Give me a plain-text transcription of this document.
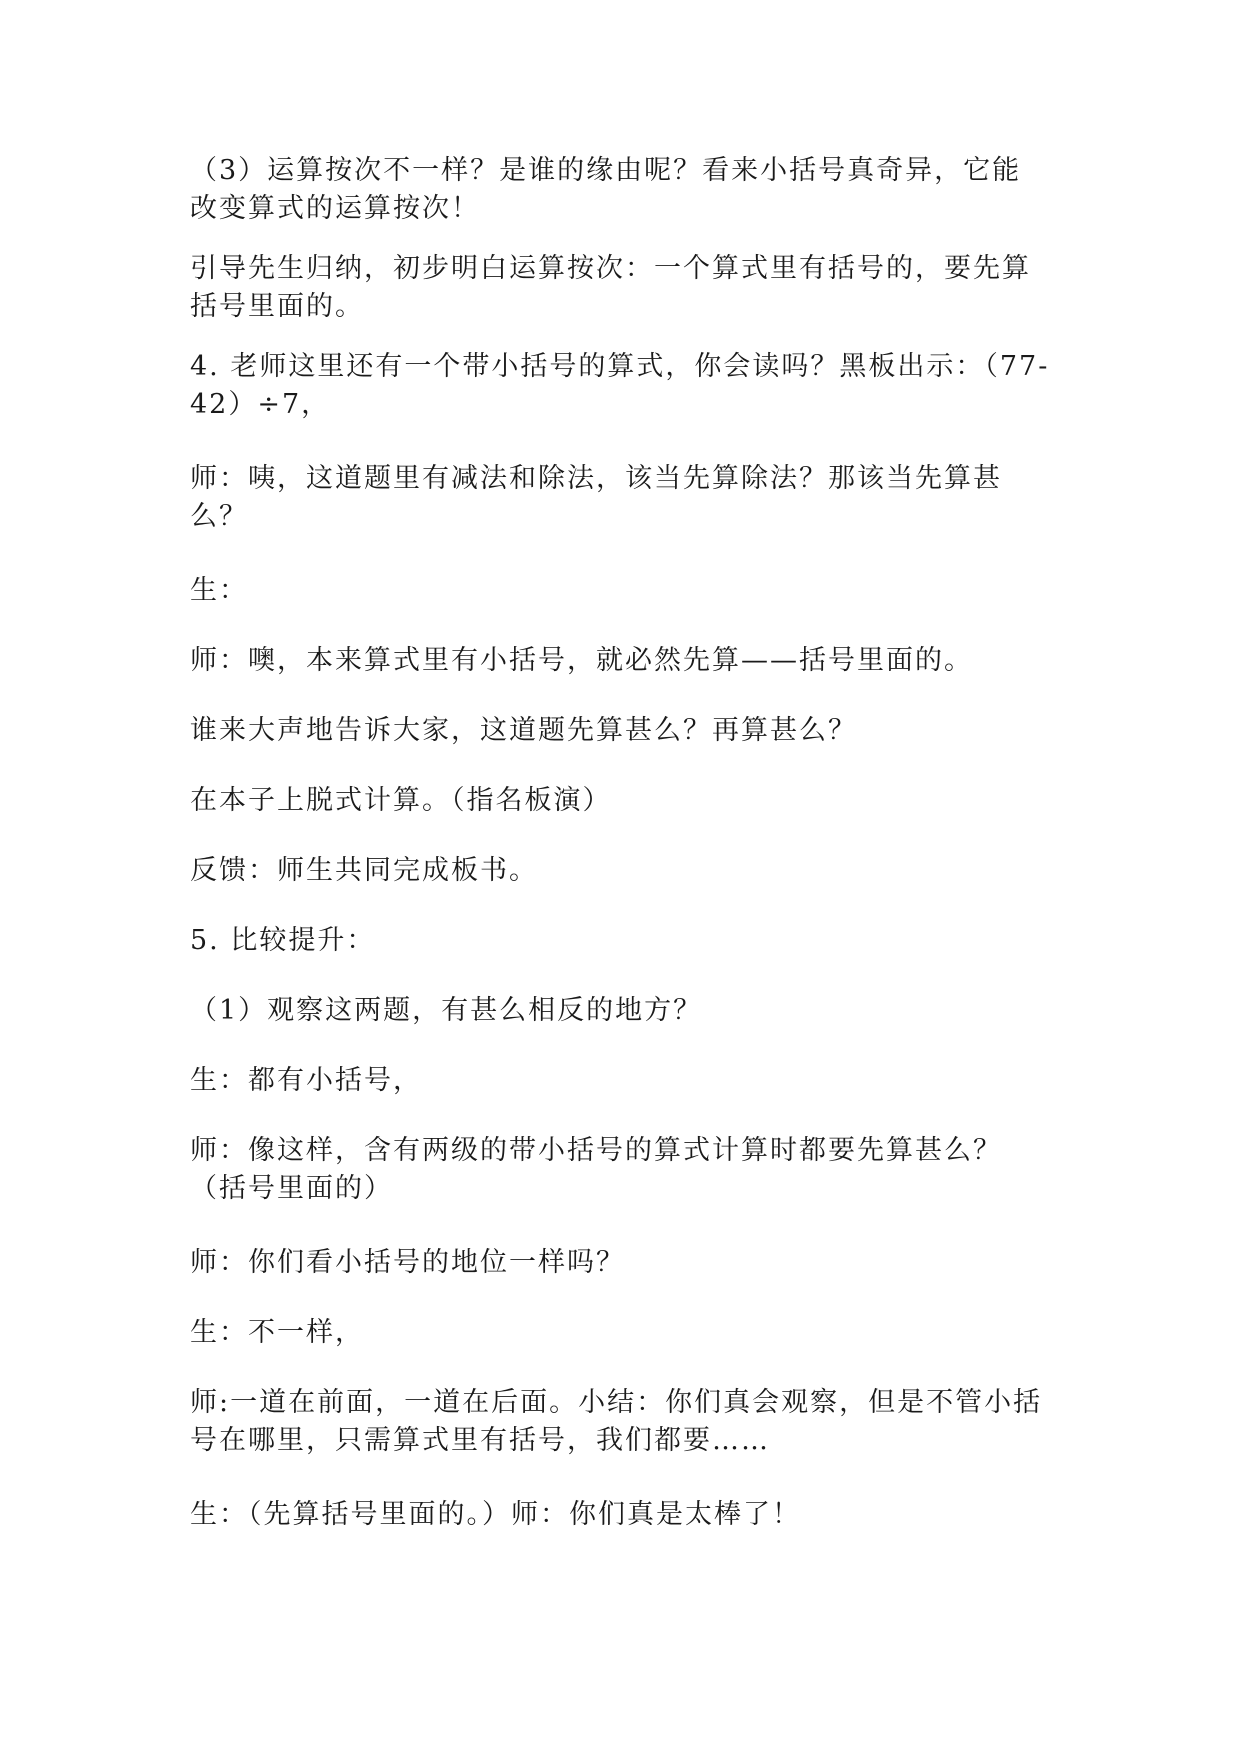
（3）运算按次不一样？是谁的缘由呢？看来小括号真奇异，它能改变算式的运算按次！

引导先生归纳，初步明白运算按次：一个算式里有括号的，要先算括号里面的。

4. 老师这里还有一个带小括号的算式，你会读吗？黑板出示：（77-42）÷7，

师：咦，这道题里有减法和除法，该当先算除法？那该当先算甚么？

生：

师：噢，本来算式里有小括号，就必然先算——括号里面的。

谁来大声地告诉大家，这道题先算甚么？再算甚么？

在本子上脱式计算。（指名板演）

反馈：师生共同完成板书。

5. 比较提升：

（1）观察这两题，有甚么相反的地方？

生：都有小括号，

师：像这样，含有两级的带小括号的算式计算时都要先算甚么？（括号里面的）

师：你们看小括号的地位一样吗？

生：不一样，

师:一道在前面，一道在后面。小结：你们真会观察，但是不管小括号在哪里，只需算式里有括号，我们都要……

生：（先算括号里面的。）师：你们真是太棒了！
